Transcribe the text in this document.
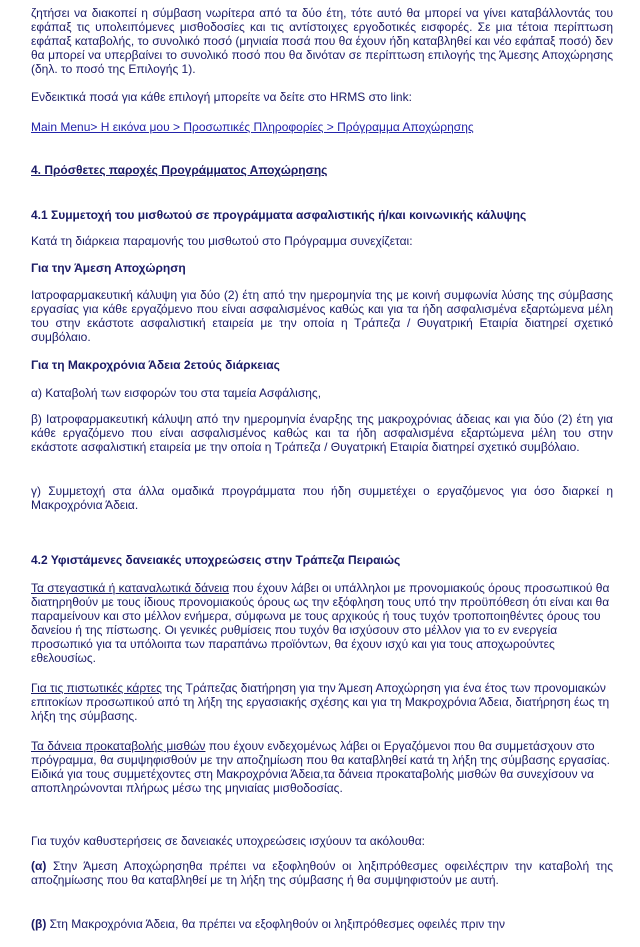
ζητήσει να διακοπεί η σύμβαση νωρίτερα από τα δύο έτη, τότε αυτό θα μπορεί να γίνει καταβάλλοντάς του εφάπαξ τις υπολειπόμενες μισθοδοσίες και τις αντίστοιχες εργοδοτικές εισφορές. Σε μια τέτοια περίπτωση εφάπαξ καταβολής, το συνολικό ποσό (μηνιαία ποσά που θα έχουν ήδη καταβληθεί και νέο εφάπαξ ποσό) δεν θα μπορεί να υπερβαίνει το συνολικό ποσό που θα δινόταν σε περίπτωση επιλογής της Άμεσης Αποχώρησης (δηλ. το ποσό της Επιλογής 1).

Ενδεικτικά ποσά για κάθε επιλογή μπορείτε να δείτε στο HRMS στο link:

Main Menu> Η εικόνα μου > Προσωπικές Πληροφορίες > Πρόγραμμα Αποχώρησης

4. Πρόσθετες παροχές Προγράμματος Αποχώρησης

4.1 Συμμετοχή του μισθωτού σε προγράμματα ασφαλιστικής ή/και κοινωνικής κάλυψης

Κατά τη διάρκεια παραμονής του μισθωτού στο Πρόγραμμα συνεχίζεται:

Για την Άμεση Αποχώρηση

Ιατροφαρμακευτική κάλυψη για δύο (2) έτη από την ημερομηνία της με κοινή συμφωνία λύσης της σύμβασης εργασίας για κάθε εργαζόμενο που είναι ασφαλισμένος καθώς και για τα ήδη ασφαλισμένα εξαρτώμενα μέλη του στην εκάστοτε ασφαλιστική εταιρεία με την οποία η Τράπεζα / Θυγατρική Εταιρία διατηρεί σχετικό συμβόλαιο.

Για τη Μακροχρόνια Άδεια 2ετούς διάρκειας

α) Καταβολή των εισφορών του στα ταμεία Ασφάλισης,

β) Ιατροφαρμακευτική κάλυψη από την ημερομηνία έναρξης της μακροχρόνιας άδειας και για δύο (2) έτη για κάθε εργαζόμενο που είναι ασφαλισμένος καθώς και τα ήδη ασφαλισμένα εξαρτώμενα μέλη του στην εκάστοτε ασφαλιστική εταιρεία με την οποία η Τράπεζα / Θυγατρική Εταιρία διατηρεί σχετικό συμβόλαιο.

γ) Συμμετοχή στα άλλα ομαδικά προγράμματα που ήδη συμμετέχει ο εργαζόμενος για όσο διαρκεί η Μακροχρόνια Άδεια.

4.2 Υφιστάμενες δανειακές υποχρεώσεις στην Τράπεζα Πειραιώς

Τα στεγαστικά ή καταναλωτικά δάνεια που έχουν λάβει οι υπάλληλοι με προνομιακούς όρους προσωπικού θα διατηρηθούν με τους ίδιους προνομιακούς όρους ως την εξόφληση τους υπό την προϋπόθεση ότι είναι και θα παραμείνουν και στο μέλλον ενήμερα, σύμφωνα με τους αρχικούς ή τους τυχόν τροποποιηθέντες όρους του δανείου ή της πίστωσης. Οι γενικές ρυθμίσεις που τυχόν θα ισχύσουν στο μέλλον για το εν ενεργεία προσωπικό για τα υπόλοιπα των παραπάνω προϊόντων, θα έχουν ισχύ και για τους αποχωρούντες εθελουσίως.

Για τις πιστωτικές κάρτες της Τράπεζας διατήρηση για την Άμεση Αποχώρηση για ένα έτος των προνομιακών επιτοκίων προσωπικού από τη λήξη της εργασιακής σχέσης και για τη Μακροχρόνια Άδεια, διατήρηση έως τη λήξη της σύμβασης.

Τα δάνεια προκαταβολής μισθών που έχουν ενδεχομένως λάβει οι Εργαζόμενοι που θα συμμετάσχουν στο πρόγραμμα, θα συμψηφισθούν με την αποζημίωση που θα καταβληθεί κατά τη λήξη της σύμβασης εργασίας. Ειδικά για τους συμμετέχοντες στη Μακροχρόνια Άδεια,τα δάνεια προκαταβολής μισθών θα συνεχίσουν να αποπληρώνονται πλήρως μέσω της μηνιαίας μισθοδοσίας.

Για τυχόν καθυστερήσεις σε δανειακές υποχρεώσεις ισχύουν τα ακόλουθα:

(α) Στην Άμεση Αποχώρησηθα πρέπει να εξοφληθούν οι ληξιπρόθεσμες οφειλέςπριν την καταβολή της αποζημίωσης που θα καταβληθεί με τη λήξη της σύμβασης ή θα συμψηφιστούν με αυτή.

(β) Στη Μακροχρόνια Άδεια, θα πρέπει να εξοφληθούν οι ληξιπρόθεσμες οφειλές πριν την
